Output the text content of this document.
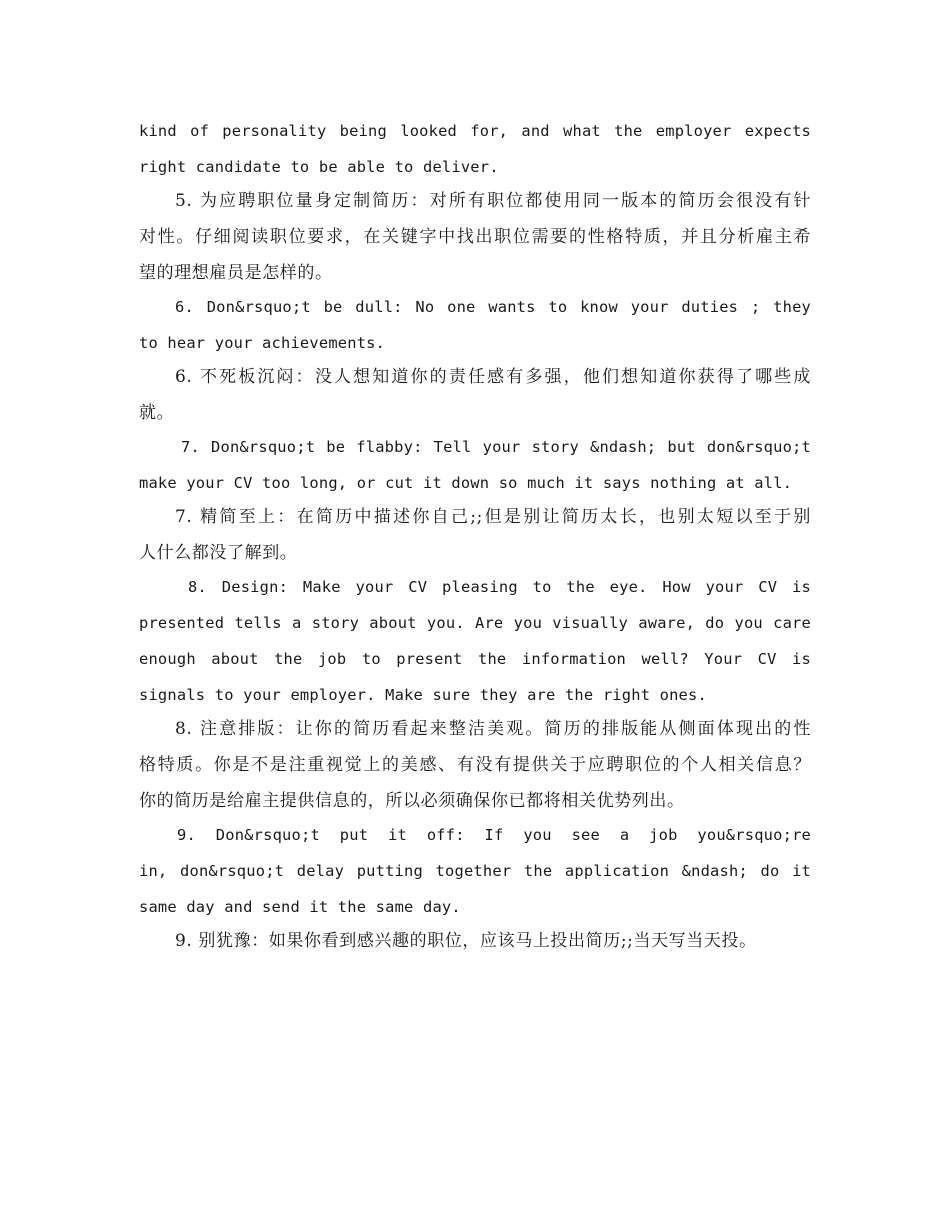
kind of personality being looked for, and what the employer expects
right candidate to be able to deliver.
5. 为应聘职位量身定制简历：对所有职位都使用同一版本的简历会很没有针
对性。仔细阅读职位要求，在关键字中找出职位需要的性格特质，并且分析雇主希
望的理想雇员是怎样的。
6. Don&rsquo;t be dull: No one wants to know your duties ; they
to hear your achievements.
6. 不死板沉闷：没人想知道你的责任感有多强，他们想知道你获得了哪些成
就。
7. Don&rsquo;t be flabby: Tell your story &ndash; but don&rsquo;t
make your CV too long, or cut it down so much it says nothing at all.
7. 精简至上：在简历中描述你自己;;但是别让简历太长，也别太短以至于别
人什么都没了解到。
8. Design: Make your CV pleasing to the eye. How your CV is
presented tells a story about you. Are you visually aware, do you care
enough about the job to present the information well? Your CV is
signals to your employer. Make sure they are the right ones.
8. 注意排版：让你的简历看起来整洁美观。简历的排版能从侧面体现出的性
格特质。你是不是注重视觉上的美感、有没有提供关于应聘职位的个人相关信息？
你的简历是给雇主提供信息的，所以必须确保你已都将相关优势列出。
9. Don&rsquo;t put it off: If you see a job you&rsquo;re
in, don&rsquo;t delay putting together the application &ndash; do it
same day and send it the same day.
9. 别犹豫：如果你看到感兴趣的职位，应该马上投出简历;;当天写当天投。
